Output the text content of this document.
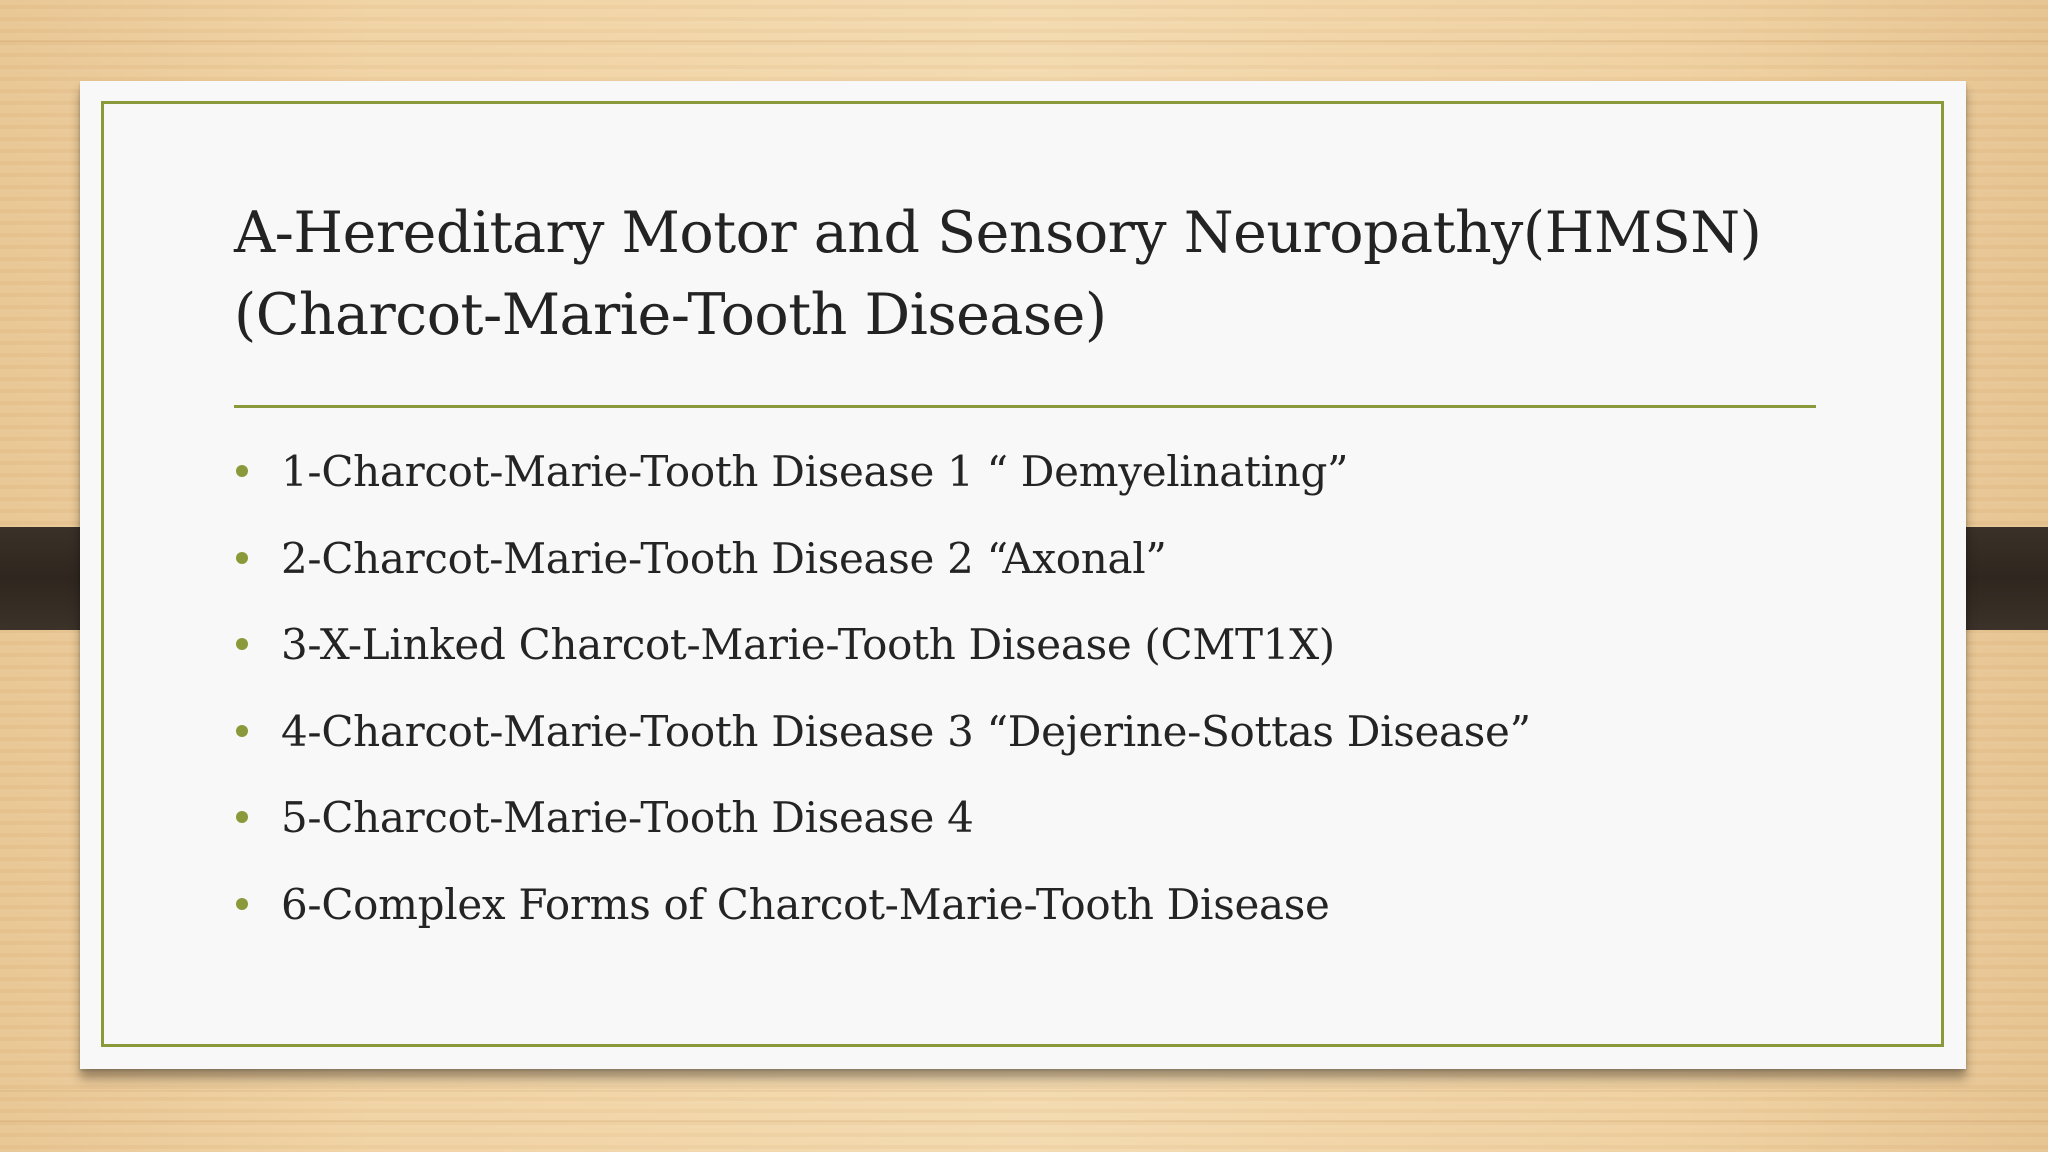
A-Hereditary Motor and Sensory Neuropathy(HMSN)
(Charcot-Marie-Tooth Disease)
1-Charcot-Marie-Tooth Disease 1 “ Demyelinating”
2-Charcot-Marie-Tooth Disease 2 “Axonal”
3-X-Linked Charcot-Marie-Tooth Disease (CMT1X)
4-Charcot-Marie-Tooth Disease 3 “Dejerine-Sottas Disease”
5-Charcot-Marie-Tooth Disease 4
6-Complex Forms of Charcot-Marie-Tooth Disease
